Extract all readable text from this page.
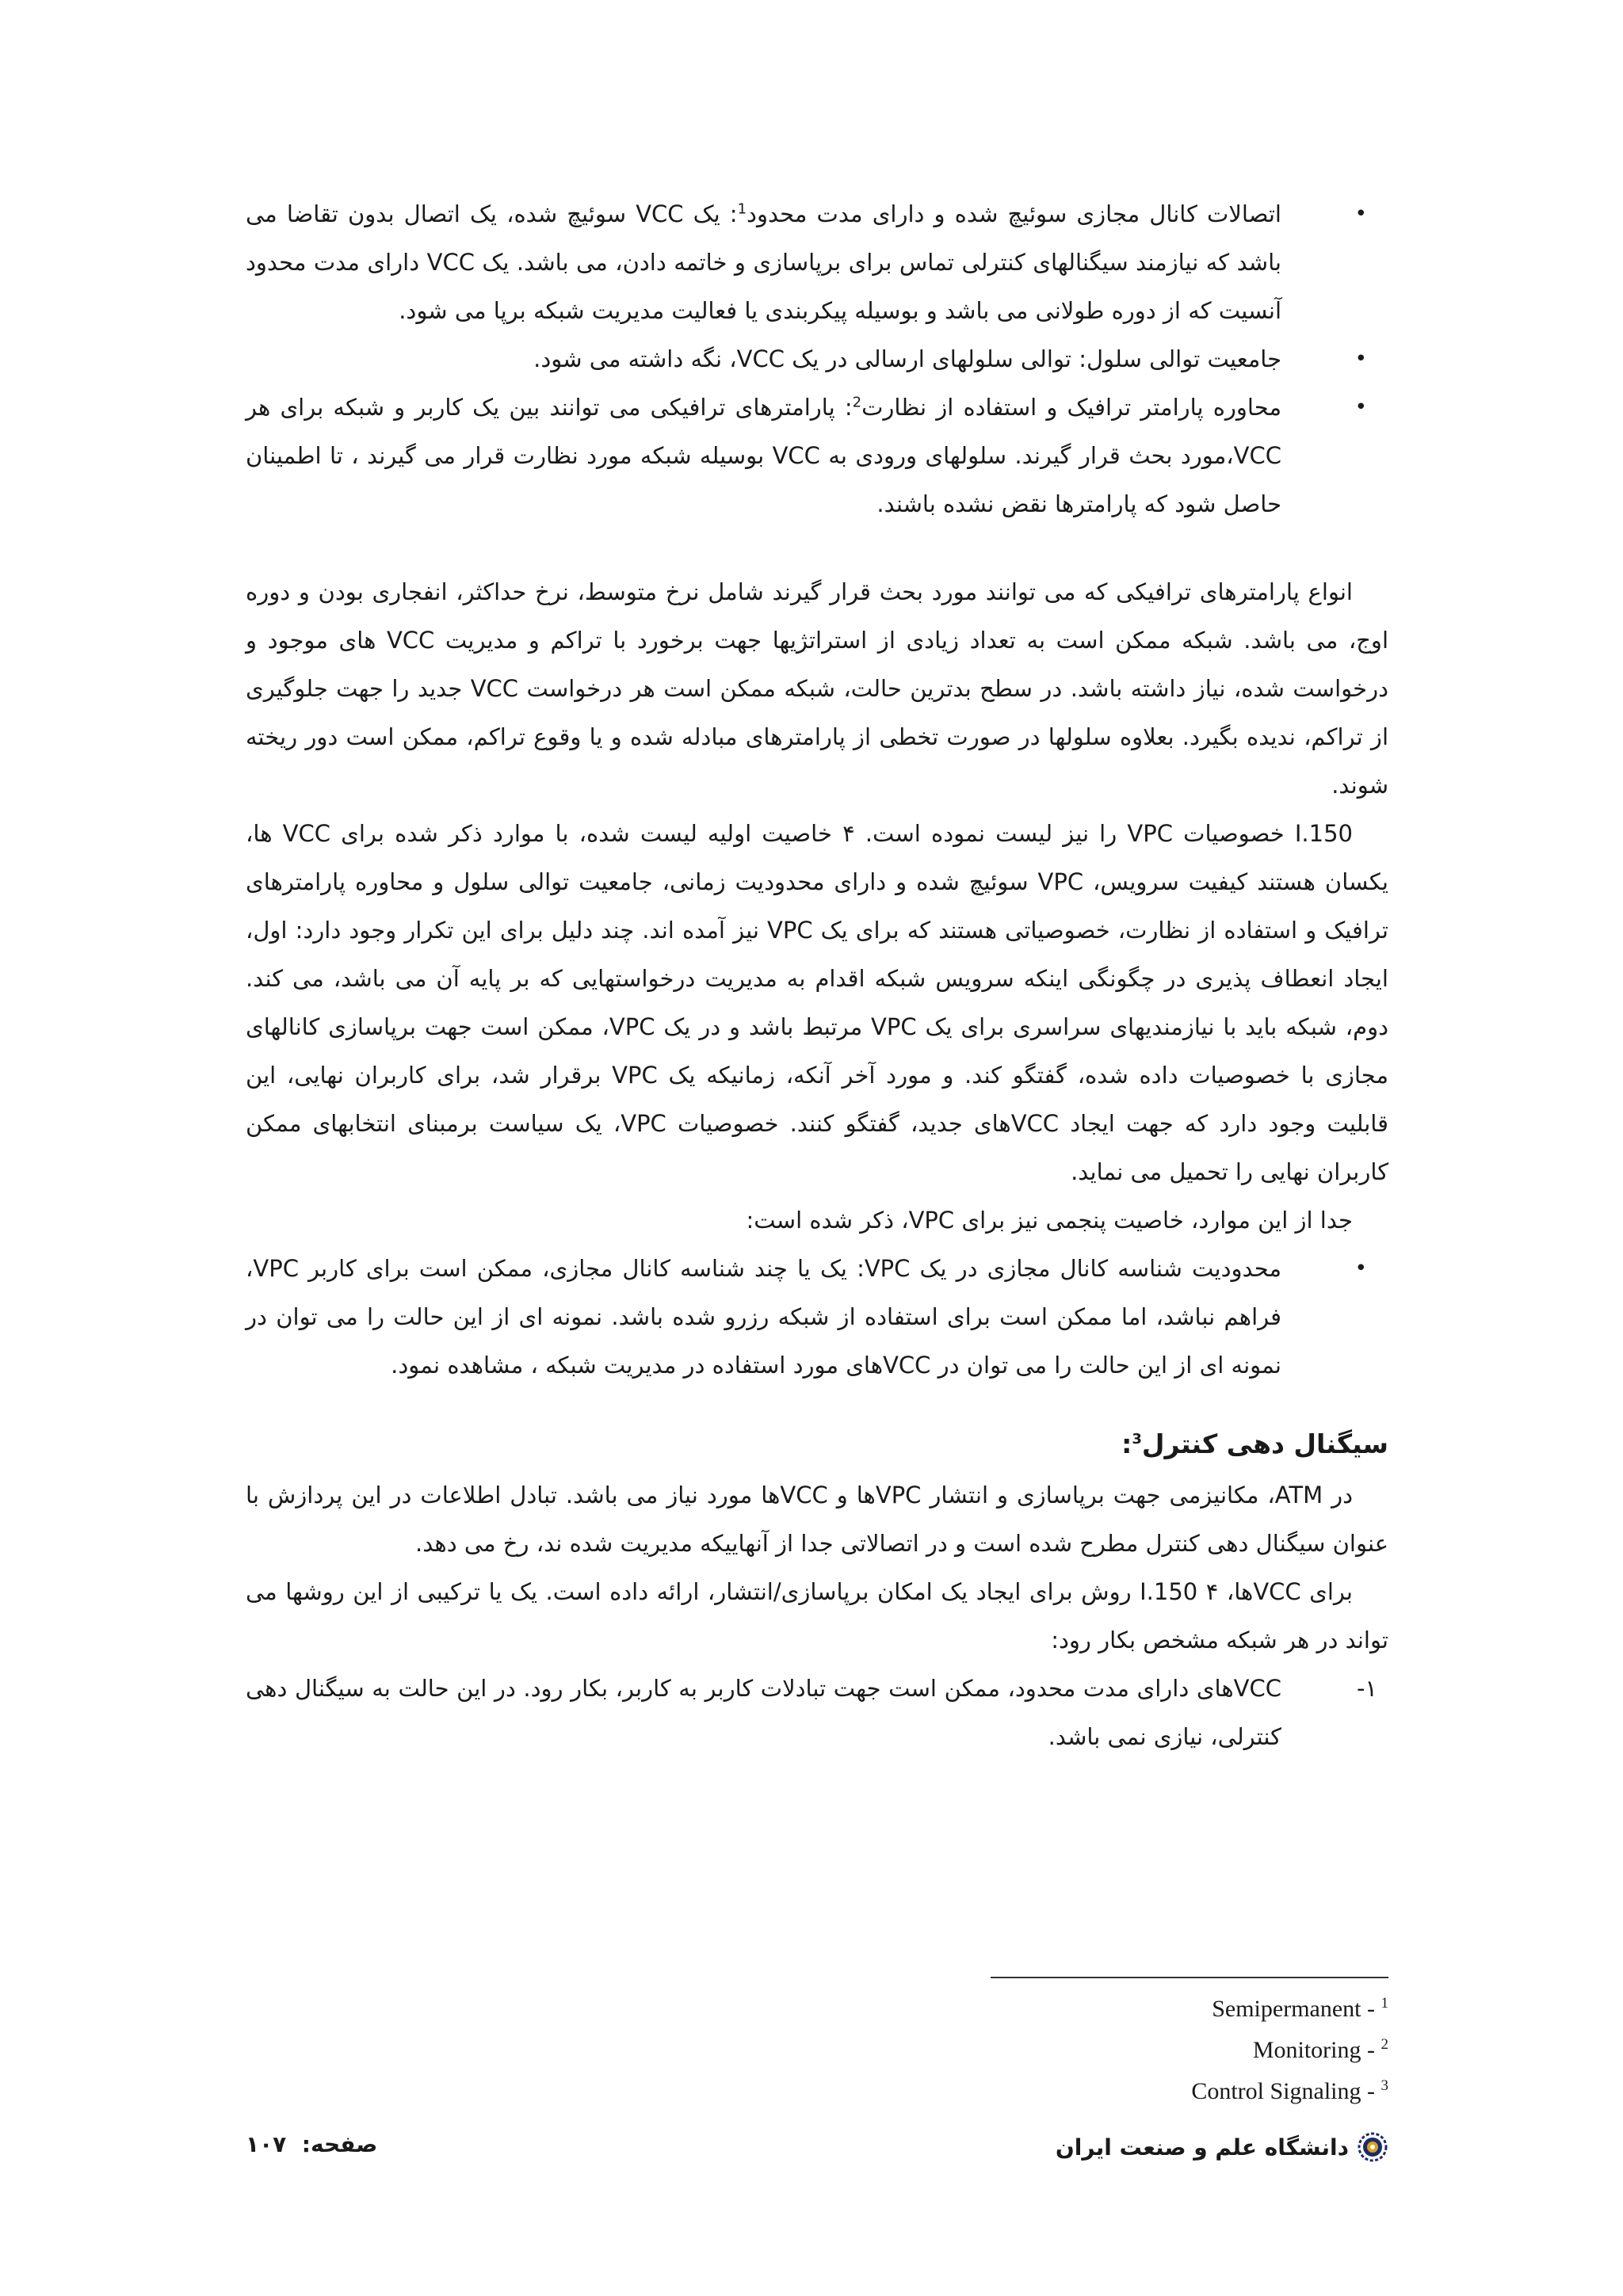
• اتصالات کانال مجازی سوئیچ شده و دارای مدت محدود$^1$: یک VCC سوئیچ شده، یک اتصال بدون تقاضا می باشد که نیازمند سیگنالهای کنترلی تماس برای برپاسازی و خاتمه دادن، می باشد. یک VCC دارای مدت محدود آنسیت که از دوره طولانی می باشد و بوسیله پیکربندی یا فعالیت مدیریت شبکه برپا می شود.
• جامعیت توالی سلول: توالی سلولهای ارسالی در یک VCC، نگه داشته می شود.
• محاوره پارامتر ترافیک و استفاده از نظارت$^2$: پارامترهای ترافیکی می توانند بین یک کاربر و شبکه برای هر VCC،مورد بحث قرار گیرند. سلولهای ورودی به VCC بوسیله شبکه مورد نظارت قرار می گیرند ، تا اطمینان حاصل شود که پارامترها نقض نشده باشند.

انواع پارامترهای ترافیکی که می توانند مورد بحث قرار گیرند شامل نرخ متوسط، نرخ حداکثر، انفجاری بودن و دوره اوج، می باشد. شبکه ممکن است به تعداد زیادی از استراتژیها جهت برخورد با تراکم و مدیریت VCC های موجود و درخواست شده، نیاز داشته باشد. در سطح بدترین حالت، شبکه ممکن است هر درخواست VCC جدید را جهت جلوگیری از تراکم، ندیده بگیرد. بعلاوه سلولها در صورت تخطی از پارامترهای مبادله شده و یا وقوع تراکم، ممکن است دور ریخته شوند.

I.150 خصوصیات VPC را نیز لیست نموده است. ۴ خاصیت اولیه لیست شده، با موارد ذکر شده برای VCC ها، یکسان هستند کیفیت سرویس، VPC سوئیچ شده و دارای محدودیت زمانی، جامعیت توالی سلول و محاوره پارامترهای ترافیک و استفاده از نظارت، خصوصیاتی هستند که برای یک VPC نیز آمده اند. چند دلیل برای این تکرار وجود دارد: اول، ایجاد انعطاف پذیری در چگونگی اینکه سرویس شبکه اقدام به مدیریت درخواستهایی که بر پایه آن می باشد، می کند. دوم، شبکه باید با نیازمندیهای سراسری برای یک VPC مرتبط باشد و در یک VPC، ممکن است جهت برپاسازی کانالهای مجازی با خصوصیات داده شده، گفتگو کند. و مورد آخر آنکه، زمانیکه یک VPC برقرار شد، برای کاربران نهایی، این قابلیت وجود دارد که جهت ایجاد VCCهای جدید، گفتگو کنند. خصوصیات VPC، یک سیاست برمبنای انتخابهای ممکن کاربران نهایی را تحمیل می نماید.

جدا از این موارد، خاصیت پنجمی نیز برای VPC، ذکر شده است:

• محدودیت شناسه کانال مجازی در یک VPC: یک یا چند شناسه کانال مجازی، ممکن است برای کاربر VPC، فراهم نباشد، اما ممکن است برای استفاده از شبکه رزرو شده باشد. نمونه ای از این حالت را می توان در نمونه ای از این حالت را می توان در VCCهای مورد استفاده در مدیریت شبکه ، مشاهده نمود.
سیگنال دهی کنترل$^3$:

در ATM، مکانیزمی جهت برپاسازی و انتشار VPCها و VCCها مورد نیاز می باشد. تبادل اطلاعات در این پردازش با عنوان سیگنال دهی کنترل مطرح شده است و در اتصالاتی جدا از آنهاییکه مدیریت شده ند، رخ می دهد.

برای VCCها، I.150 ۴ روش برای ایجاد یک امکان برپاسازی/انتشار، ارائه داده است. یک یا ترکیبی از این روشها می تواند در هر شبکه مشخص بکار رود:

۱-
VCCهای دارای مدت محدود، ممکن است جهت تبادلات کاربر به کاربر، بکار رود. در این حالت به سیگنال دهی کنترلی، نیازی نمی باشد.

Semipermanent - $^1$
Monitoring - $^2$
Control Signaling - $^3$
دانشگاه علم و صنعت ایران
صفحه:  ۱۰۷
